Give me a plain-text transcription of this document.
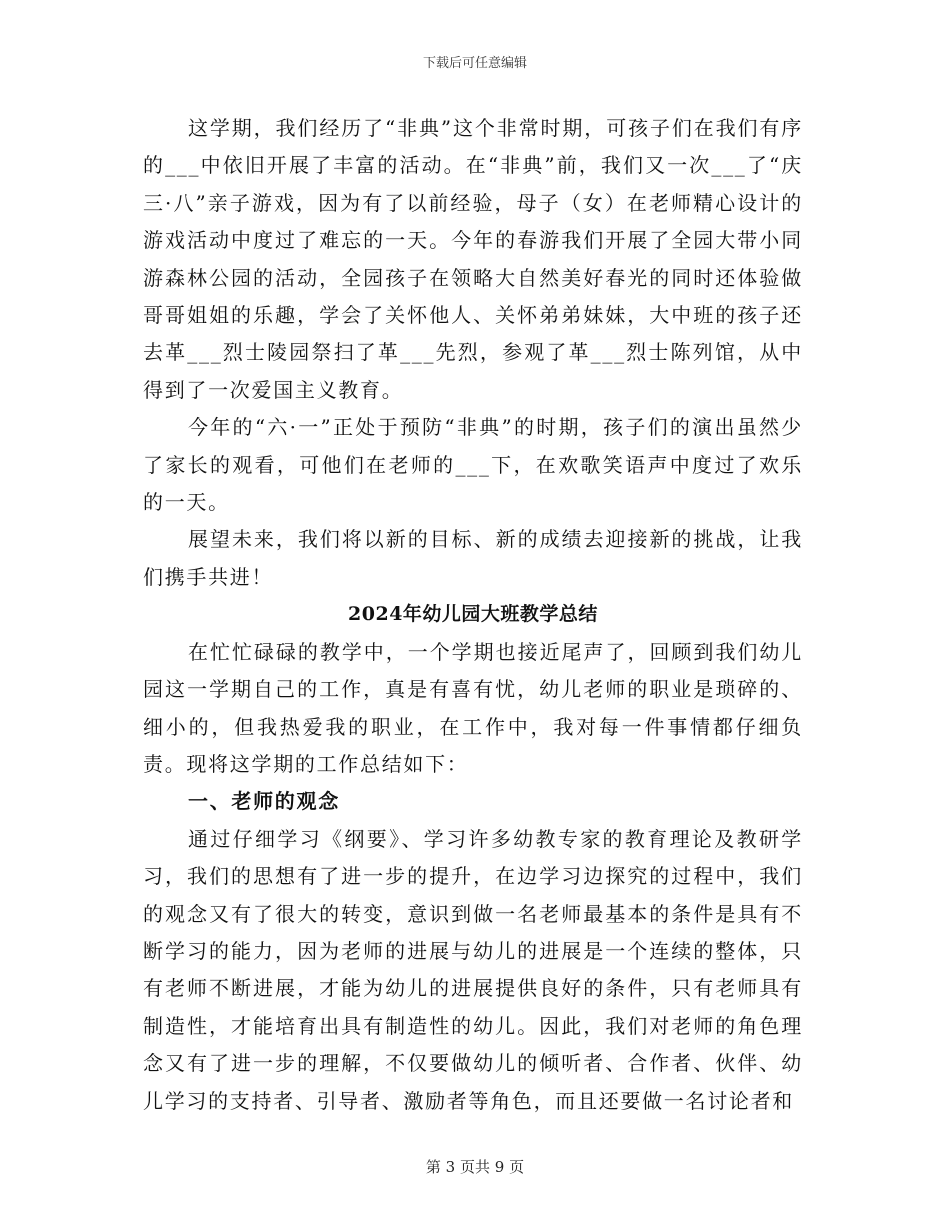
下载后可任意编辑

这学期，我们经历了“非典”这个非常时期，可孩子们在我们有序的___中依旧开展了丰富的活动。在“非典”前，我们又一次___了“庆三·八”亲子游戏，因为有了以前经验，母子（女）在老师精心设计的游戏活动中度过了难忘的一天。今年的春游我们开展了全园大带小同游森林公园的活动，全园孩子在领略大自然美好春光的同时还体验做哥哥姐姐的乐趣，学会了关怀他人、关怀弟弟妹妹，大中班的孩子还去革___烈士陵园祭扫了革___先烈，参观了革___烈士陈列馆，从中得到了一次爱国主义教育。

今年的“六·一”正处于预防“非典”的时期，孩子们的演出虽然少了家长的观看，可他们在老师的___下，在欢歌笑语声中度过了欢乐的一天。

展望未来，我们将以新的目标、新的成绩去迎接新的挑战，让我们携手共进！

2024年幼儿园大班教学总结

在忙忙碌碌的教学中，一个学期也接近尾声了，回顾到我们幼儿园这一学期自己的工作，真是有喜有忧，幼儿老师的职业是琐碎的、细小的，但我热爱我的职业，在工作中，我对每一件事情都仔细负责。现将这学期的工作总结如下：

一、老师的观念

通过仔细学习《纲要》、学习许多幼教专家的教育理论及教研学习，我们的思想有了进一步的提升，在边学习边探究的过程中，我们的观念又有了很大的转变，意识到做一名老师最基本的条件是具有不断学习的能力，因为老师的进展与幼儿的进展是一个连续的整体，只有老师不断进展，才能为幼儿的进展提供良好的条件，只有老师具有制造性，才能培育出具有制造性的幼儿。因此，我们对老师的角色理念又有了进一步的理解，不仅要做幼儿的倾听者、合作者、伙伴、幼儿学习的支持者、引导者、激励者等角色，而且还要做一名讨论者和

第 3 页共 9 页
